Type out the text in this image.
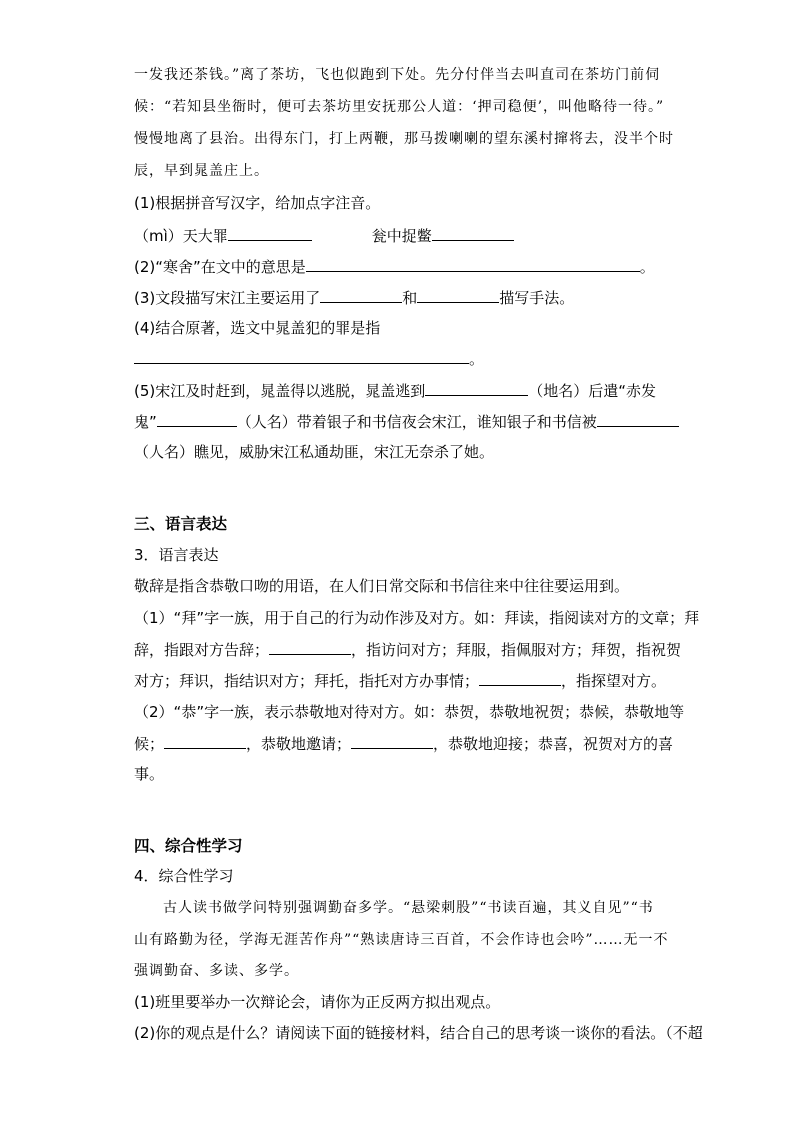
一发我还茶钱。”离了茶坊，飞也似跑到下处。先分付伴当去叫直司在茶坊门前伺
候：“若知县坐衙时，便可去茶坊里安抚那公人道：‘押司稳便’，叫他略待一待。”
慢慢地离了县治。出得东门，打上两鞭，那马拨喇喇的望东溪村撺将去，没半个时
辰，早到晁盖庄上。
(1)根据拼音写汉字，给加点字注音。
（mì）天大罪	瓮中捉鳖
(2)“寒舍”在文中的意思是	。
(3)文段描写宋江主要运用了	和	描写手法。
(4)结合原著，选文中晁盖犯的罪是指
。
(5)宋江及时赶到，晁盖得以逃脱，晁盖逃到	（地名）后遣“赤发
鬼”	（人名）带着银子和书信夜会宋江，谁知银子和书信被
（人名）瞧见，威胁宋江私通劫匪，宋江无奈杀了她。
三、语言表达
3．语言表达
敬辞是指含恭敬口吻的用语，在人们日常交际和书信往来中往往要运用到。
（1）“拜”字一族，用于自己的行为动作涉及对方。如：拜读，指阅读对方的文章；拜
辞，指跟对方告辞；	，指访问对方；拜服，指佩服对方；拜贺，指祝贺
对方；拜识，指结识对方；拜托，指托对方办事情；	，指探望对方。
（2）“恭”字一族，表示恭敬地对待对方。如：恭贺，恭敬地祝贺；恭候，恭敬地等
候；	，恭敬地邀请；	，恭敬地迎接；恭喜，祝贺对方的喜
事。
四、综合性学习
4．综合性学习
古人读书做学问特别强调勤奋多学。“悬梁刺股”“书读百遍，其义自见”“书
山有路勤为径，学海无涯苦作舟”“熟读唐诗三百首，不会作诗也会吟”……无一不
强调勤奋、多读、多学。
(1)班里要举办一次辩论会，请你为正反两方拟出观点。
(2)你的观点是什么？请阅读下面的链接材料，结合自己的思考谈一谈你的看法。（不超
